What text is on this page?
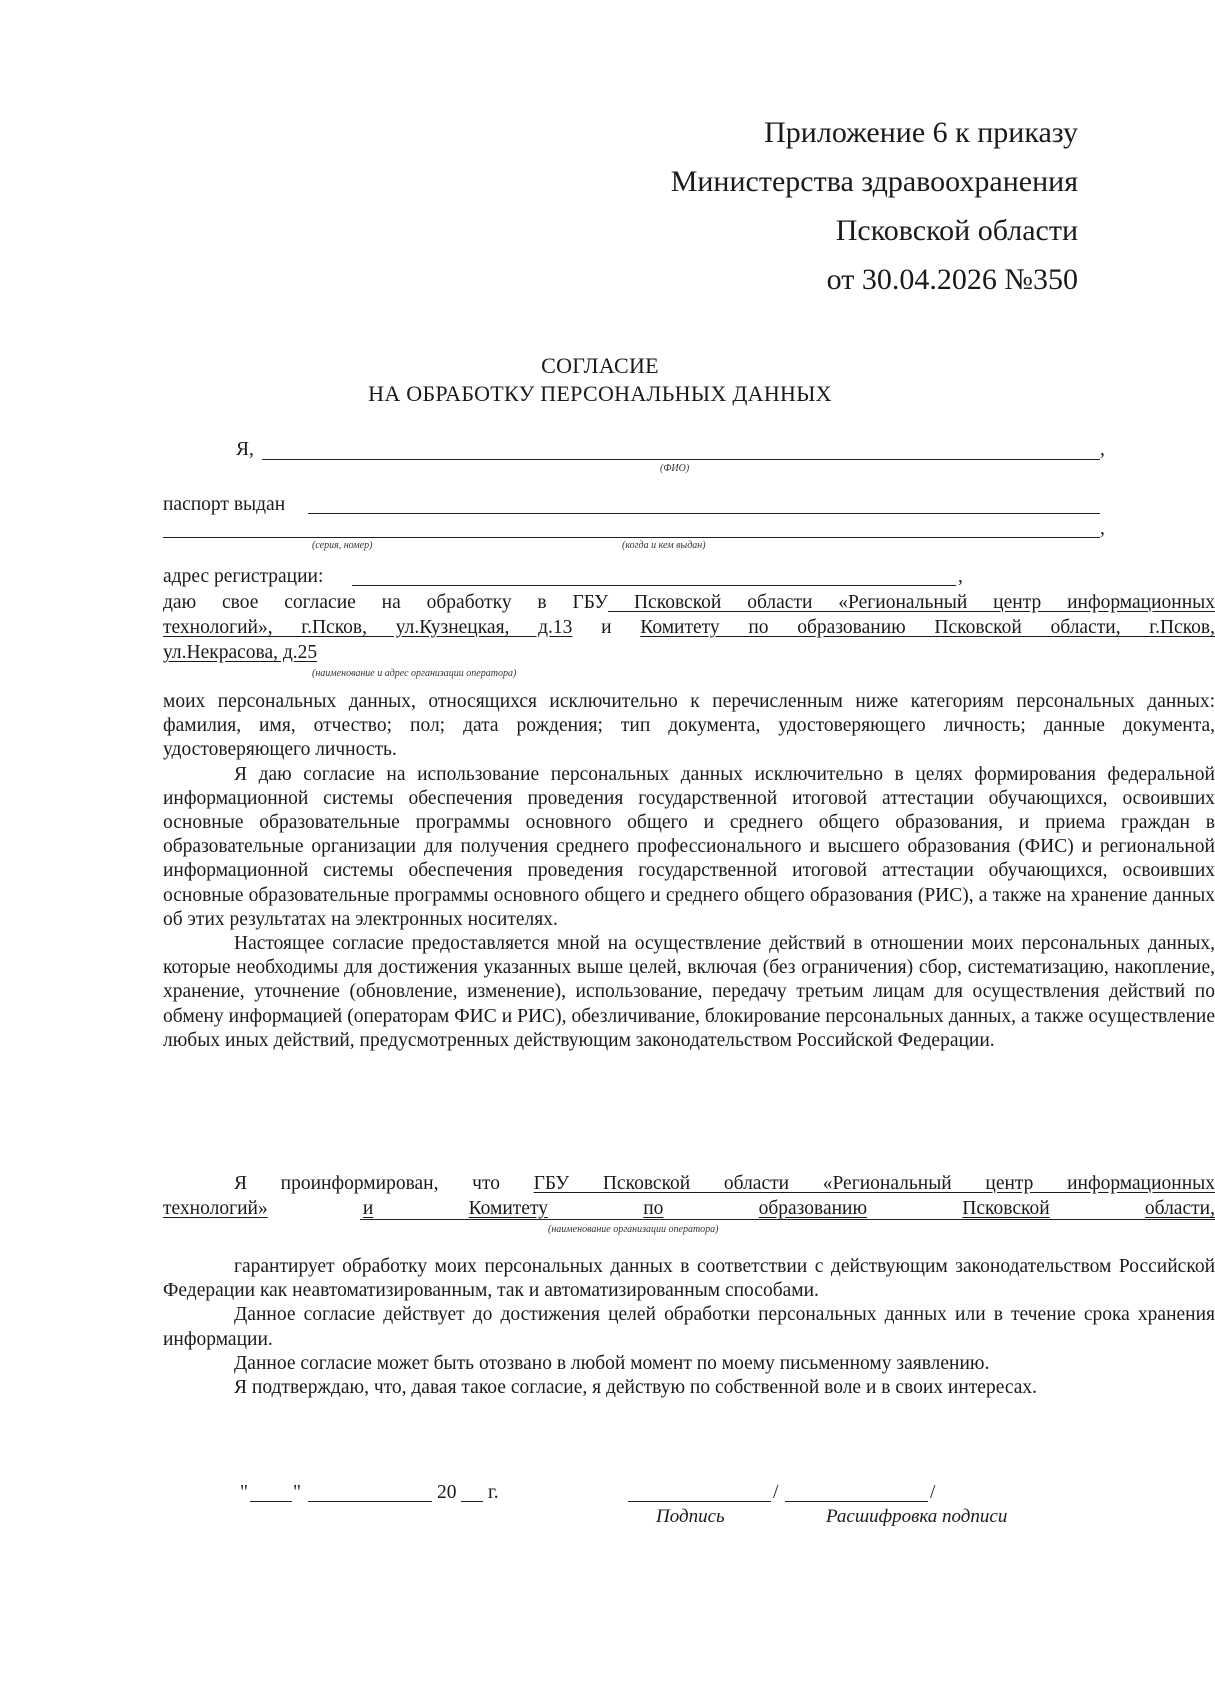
Приложение 6 к приказу
Министерства здравоохранения
Псковской области
от 30.04.2026 №350
СОГЛАСИЕ
НА ОБРАБОТКУ ПЕРСОНАЛЬНЫХ ДАННЫХ
Я,	,
(ФИО)
паспорт выдан
,
(серия, номер)	(когда и кем выдан)
адрес регистрации:	,
даю свое согласие на обработку в ГБУ Псковской области «Региональный центр информационных
технологий», г.Псков, ул.Кузнецкая, д.13 и Комитету по образованию Псковской области, г.Псков,
ул.Некрасова, д.25
(наименование и адрес организации оператора)

моих персональных данных, относящихся исключительно к перечисленным ниже категориям персональных данных: фамилия, имя, отчество; пол; дата рождения; тип документа, удостоверяющего личность; данные документа, удостоверяющего личность.

Я даю согласие на использование персональных данных исключительно в целях формирования федеральной информационной системы обеспечения проведения государственной итоговой аттестации обучающихся, освоивших основные образовательные программы основного общего и среднего общего образования, и приема граждан в образовательные организации для получения среднего профессионального и высшего образования (ФИС) и региональной информационной системы обеспечения проведения государственной итоговой аттестации обучающихся, освоивших основные образовательные программы основного общего и среднего общего образования (РИС), а также на хранение данных об этих результатах на электронных носителях.

Настоящее согласие предоставляется мной на осуществление действий в отношении моих персональных данных, которые необходимы для достижения указанных выше целей, включая (без ограничения) сбор, систематизацию, накопление, хранение, уточнение (обновление, изменение), использование, передачу третьим лицам для осуществления действий по обмену информацией (операторам ФИС и РИС), обезличивание, блокирование персональных данных, а также осуществление любых иных действий, предусмотренных действующим законодательством Российской Федерации.

Я проинформирован, что ГБУ Псковской области «Региональный центр информационных
технологий»	и	Комитету	по	образованию	Псковской	области,
(наименование организации оператора)

гарантирует обработку моих персональных данных в соответствии с действующим законодательством Российской Федерации как неавтоматизированным, так и автоматизированным способами.

Данное согласие действует до достижения целей обработки персональных данных или в течение срока хранения информации.

Данное согласие может быть отозвано в любой момент по моему письменному заявлению.

Я подтверждаю, что, давая такое согласие, я действую по собственной воле и в своих интересах.

" "	20 г.	/	/
Подпись	Расшифровка подписи
